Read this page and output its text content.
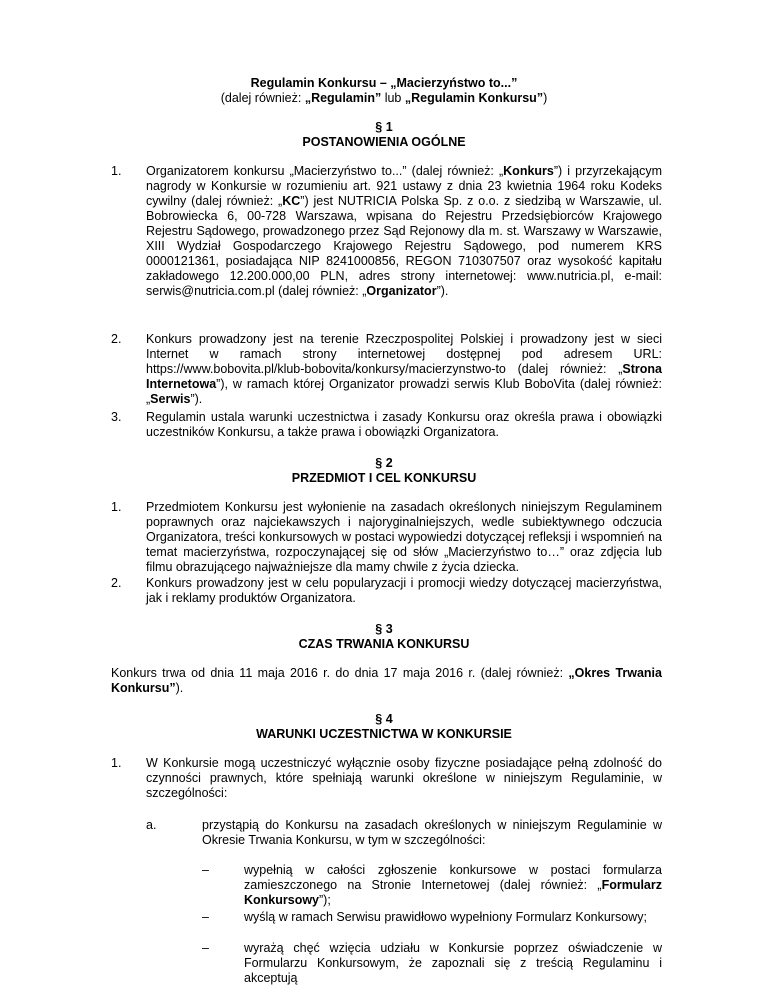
Regulamin Konkursu – „Macierzyństwo to...”
(dalej również: „Regulamin” lub „Regulamin Konkursu”)
§ 1
POSTANOWIENIA OGÓLNE
1. Organizatorem konkursu „Macierzyństwo to...” (dalej również: „Konkurs”) i przyrzekającym nagrody w Konkursie w rozumieniu art. 921 ustawy z dnia 23 kwietnia 1964 roku Kodeks cywilny (dalej również: „KC”) jest NUTRICIA Polska Sp. z o.o. z siedzibą w Warszawie, ul. Bobrowiecka 6, 00-728 Warszawa, wpisana do Rejestru Przedsiębiorców Krajowego Rejestru Sądowego, prowadzonego przez Sąd Rejonowy dla m. st. Warszawy w Warszawie, XIII Wydział Gospodarczego Krajowego Rejestru Sądowego, pod numerem KRS 0000121361, posiadająca NIP 8241000856, REGON 710307507 oraz wysokość kapitału zakładowego 12.200.000,00 PLN, adres strony internetowej: www.nutricia.pl, e-mail: serwis@nutricia.com.pl (dalej również: „Organizator”).
2. Konkurs prowadzony jest na terenie Rzeczpospolitej Polskiej i prowadzony jest w sieci Internet w ramach strony internetowej dostępnej pod adresem URL: https://www.bobovita.pl/klub-bobovita/konkursy/macierzynstwo-to (dalej również: „Strona Internetowa”), w ramach której Organizator prowadzi serwis Klub BoboVita (dalej również: „Serwis”).
3. Regulamin ustala warunki uczestnictwa i zasady Konkursu oraz określa prawa i obowiązki uczestników Konkursu, a także prawa i obowiązki Organizatora.
§ 2
PRZEDMIOT I CEL KONKURSU
1. Przedmiotem Konkursu jest wyłonienie na zasadach określonych niniejszym Regulaminem poprawnych oraz najciekawszych i najoryginalniejszych, wedle subiektywnego odczucia Organizatora, treści konkursowych w postaci wypowiedzi dotyczącej refleksji i wspomnień na temat macierzyństwa, rozpoczynającej się od słów „Macierzyństwo to…” oraz zdjęcia lub filmu obrazującego najważniejsze dla mamy chwile z życia dziecka.
2. Konkurs prowadzony jest w celu popularyzacji i promocji wiedzy dotyczącej macierzyństwa, jak i reklamy produktów Organizatora.
§ 3
CZAS TRWANIA KONKURSU
Konkurs trwa od dnia 11 maja 2016 r. do dnia 17 maja 2016 r. (dalej również: „Okres Trwania Konkursu”).
§ 4
WARUNKI UCZESTNICTWA W KONKURSIE
1. W Konkursie mogą uczestniczyć wyłącznie osoby fizyczne posiadające pełną zdolność do czynności prawnych, które spełniają warunki określone w niniejszym Regulaminie, w szczególności:
a.	przystąpią do Konkursu na zasadach określonych w niniejszym Regulaminie w Okresie Trwania Konkursu, w tym w szczególności:
–	wypełnią w całości zgłoszenie konkursowe w postaci formularza zamieszczonego na Stronie Internetowej (dalej również: „Formularz Konkursowy”);
–	wyślą w ramach Serwisu prawidłowo wypełniony Formularz Konkursowy;
–	wyrażą chęć wzięcia udziału w Konkursie poprzez oświadczenie w Formularzu Konkursowym, że zapoznali się z treścią Regulaminu i akceptują
